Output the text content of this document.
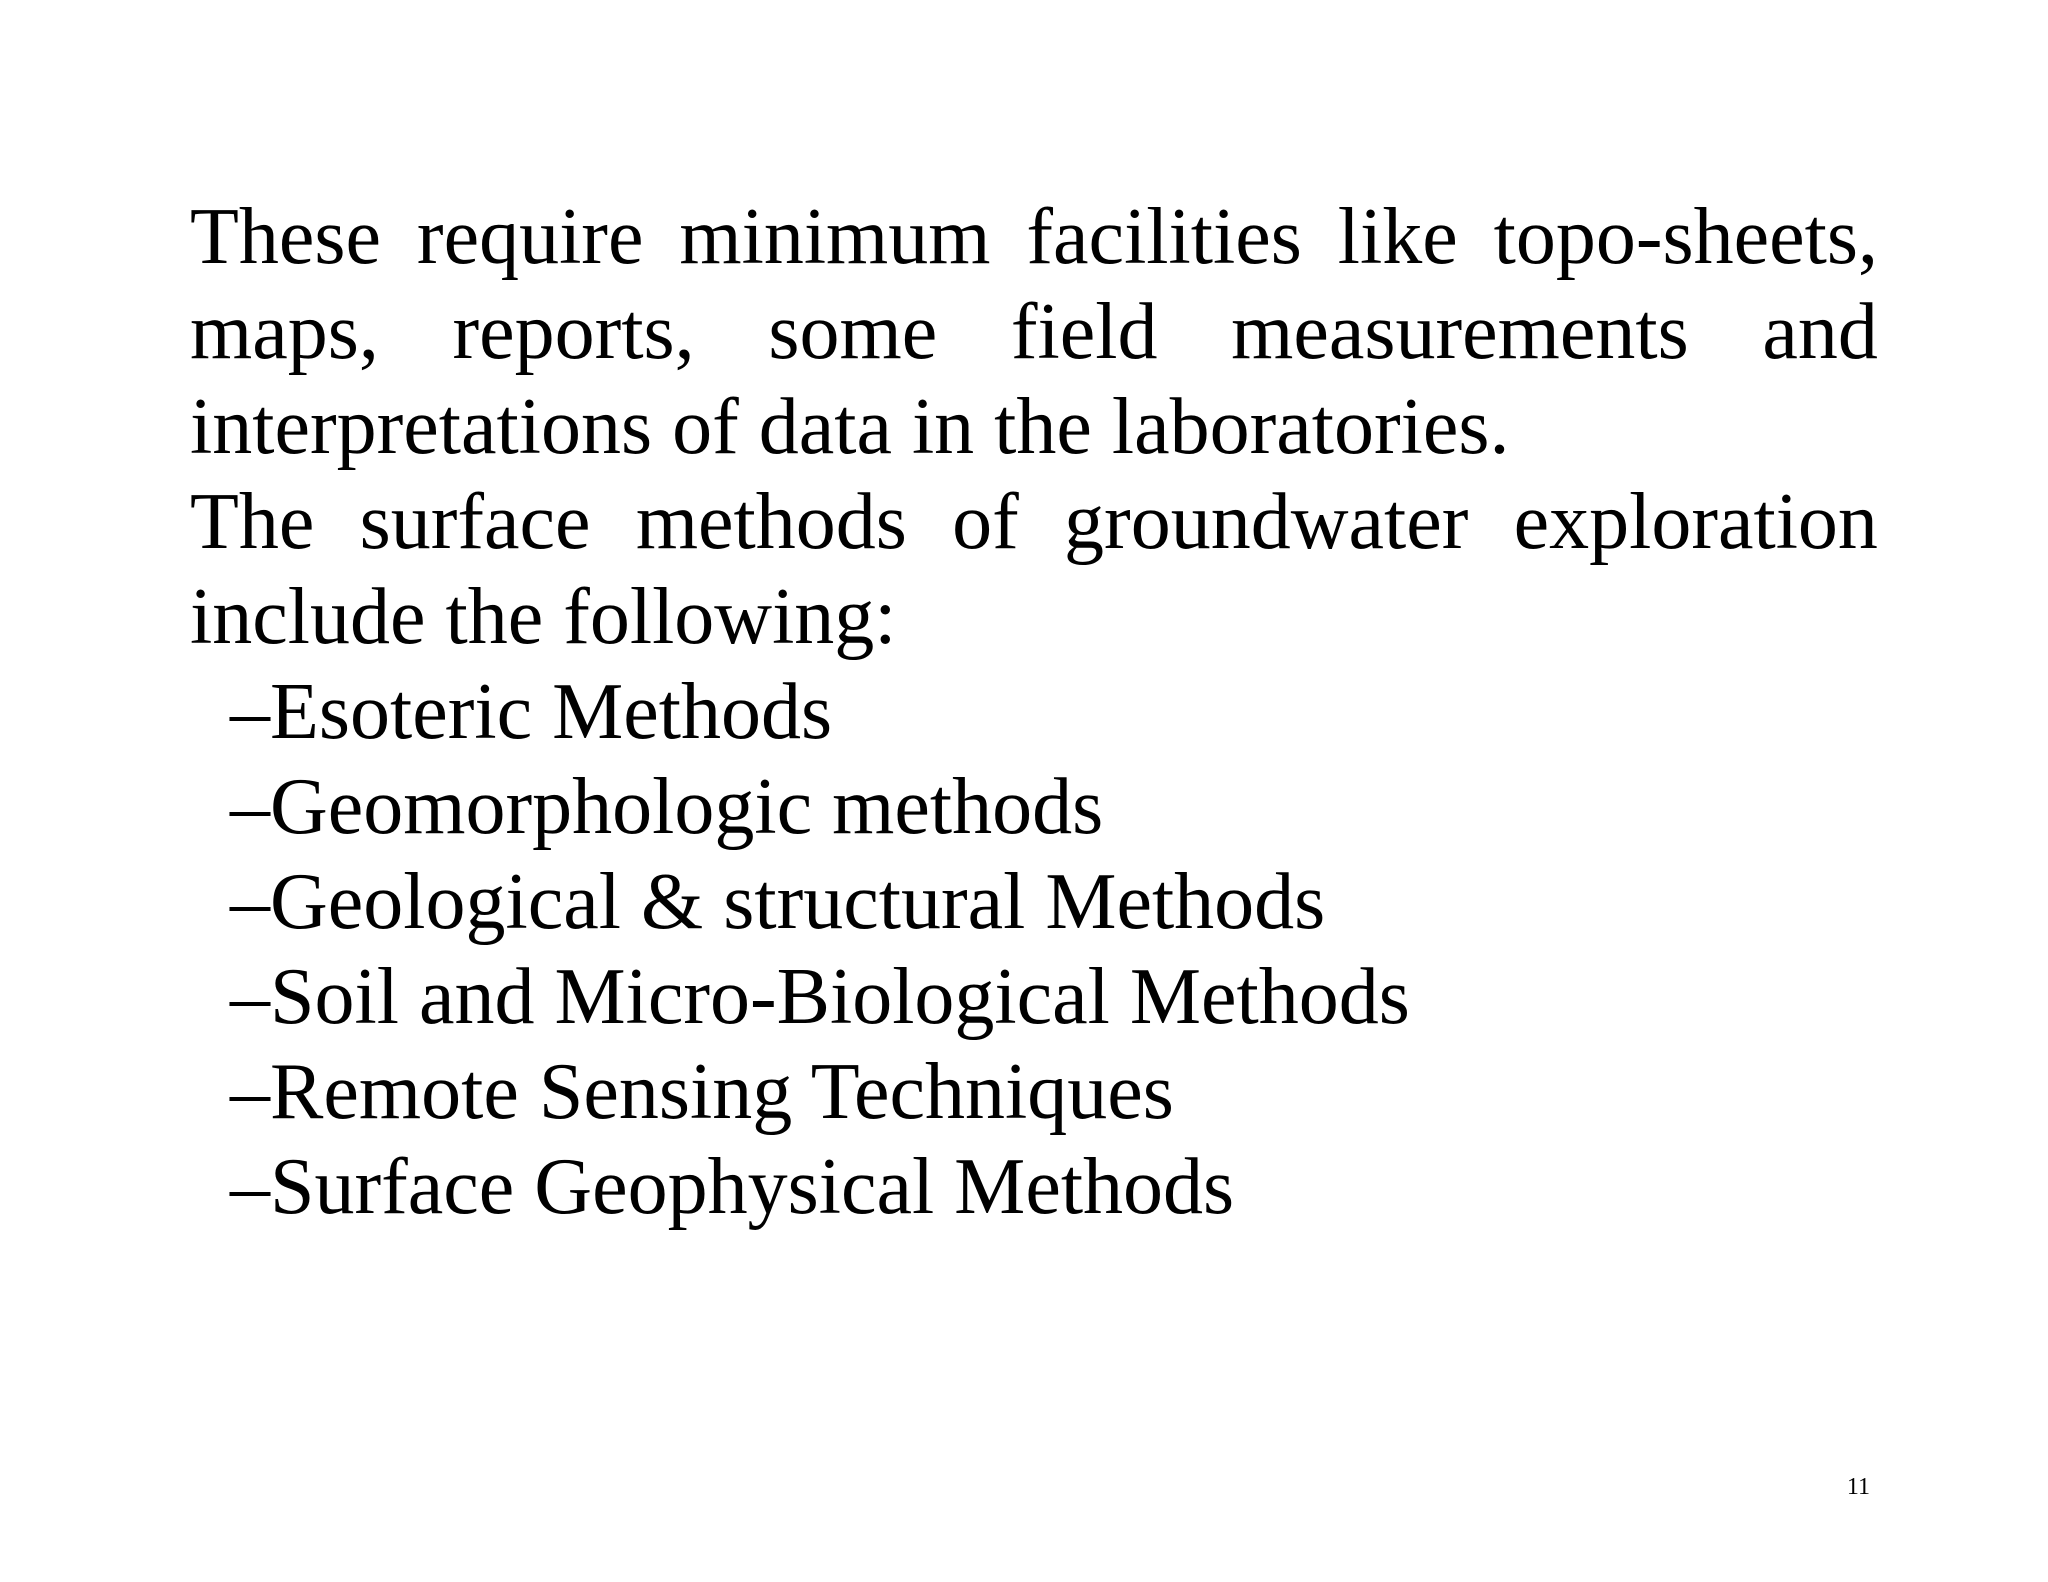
These require minimum facilities like topo-sheets,
maps, reports, some field measurements and
interpretations of data in the laboratories.
The surface methods of groundwater exploration
include the following:
–Esoteric Methods
–Geomorphologic methods
–Geological & structural Methods
–Soil and Micro-Biological Methods
–Remote Sensing Techniques
–Surface Geophysical Methods
11
